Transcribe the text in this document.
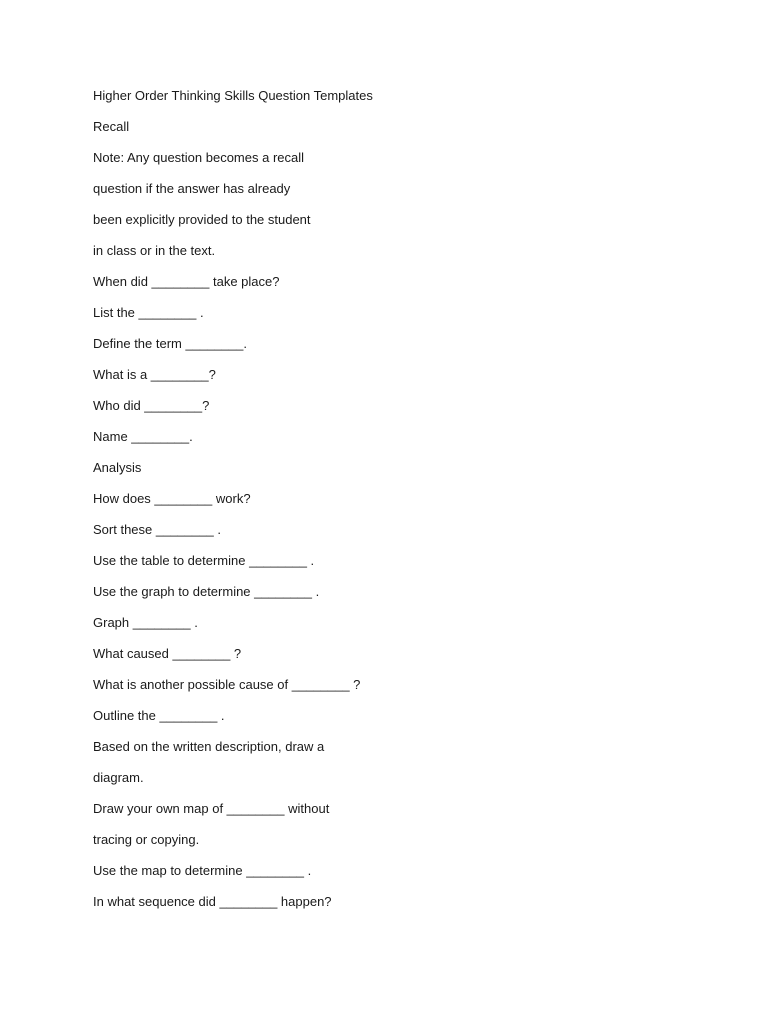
Higher Order Thinking Skills Question Templates
Recall
Note: Any question becomes a recall
question if the answer has already
been explicitly provided to the student
in class or in the text.
When did ________ take place?
List the ________ .
Define the term ________.
What is a ________?
Who did ________?
Name ________.
Analysis
How does ________ work?
Sort these ________ .
Use the table to determine ________ .
Use the graph to determine ________ .
Graph ________ .
What caused ________ ?
What is another possible cause of ________ ?
Outline the ________ .
Based on the written description, draw a
diagram.
Draw your own map of ________ without
tracing or copying.
Use the map to determine ________ .
In what sequence did ________ happen?
